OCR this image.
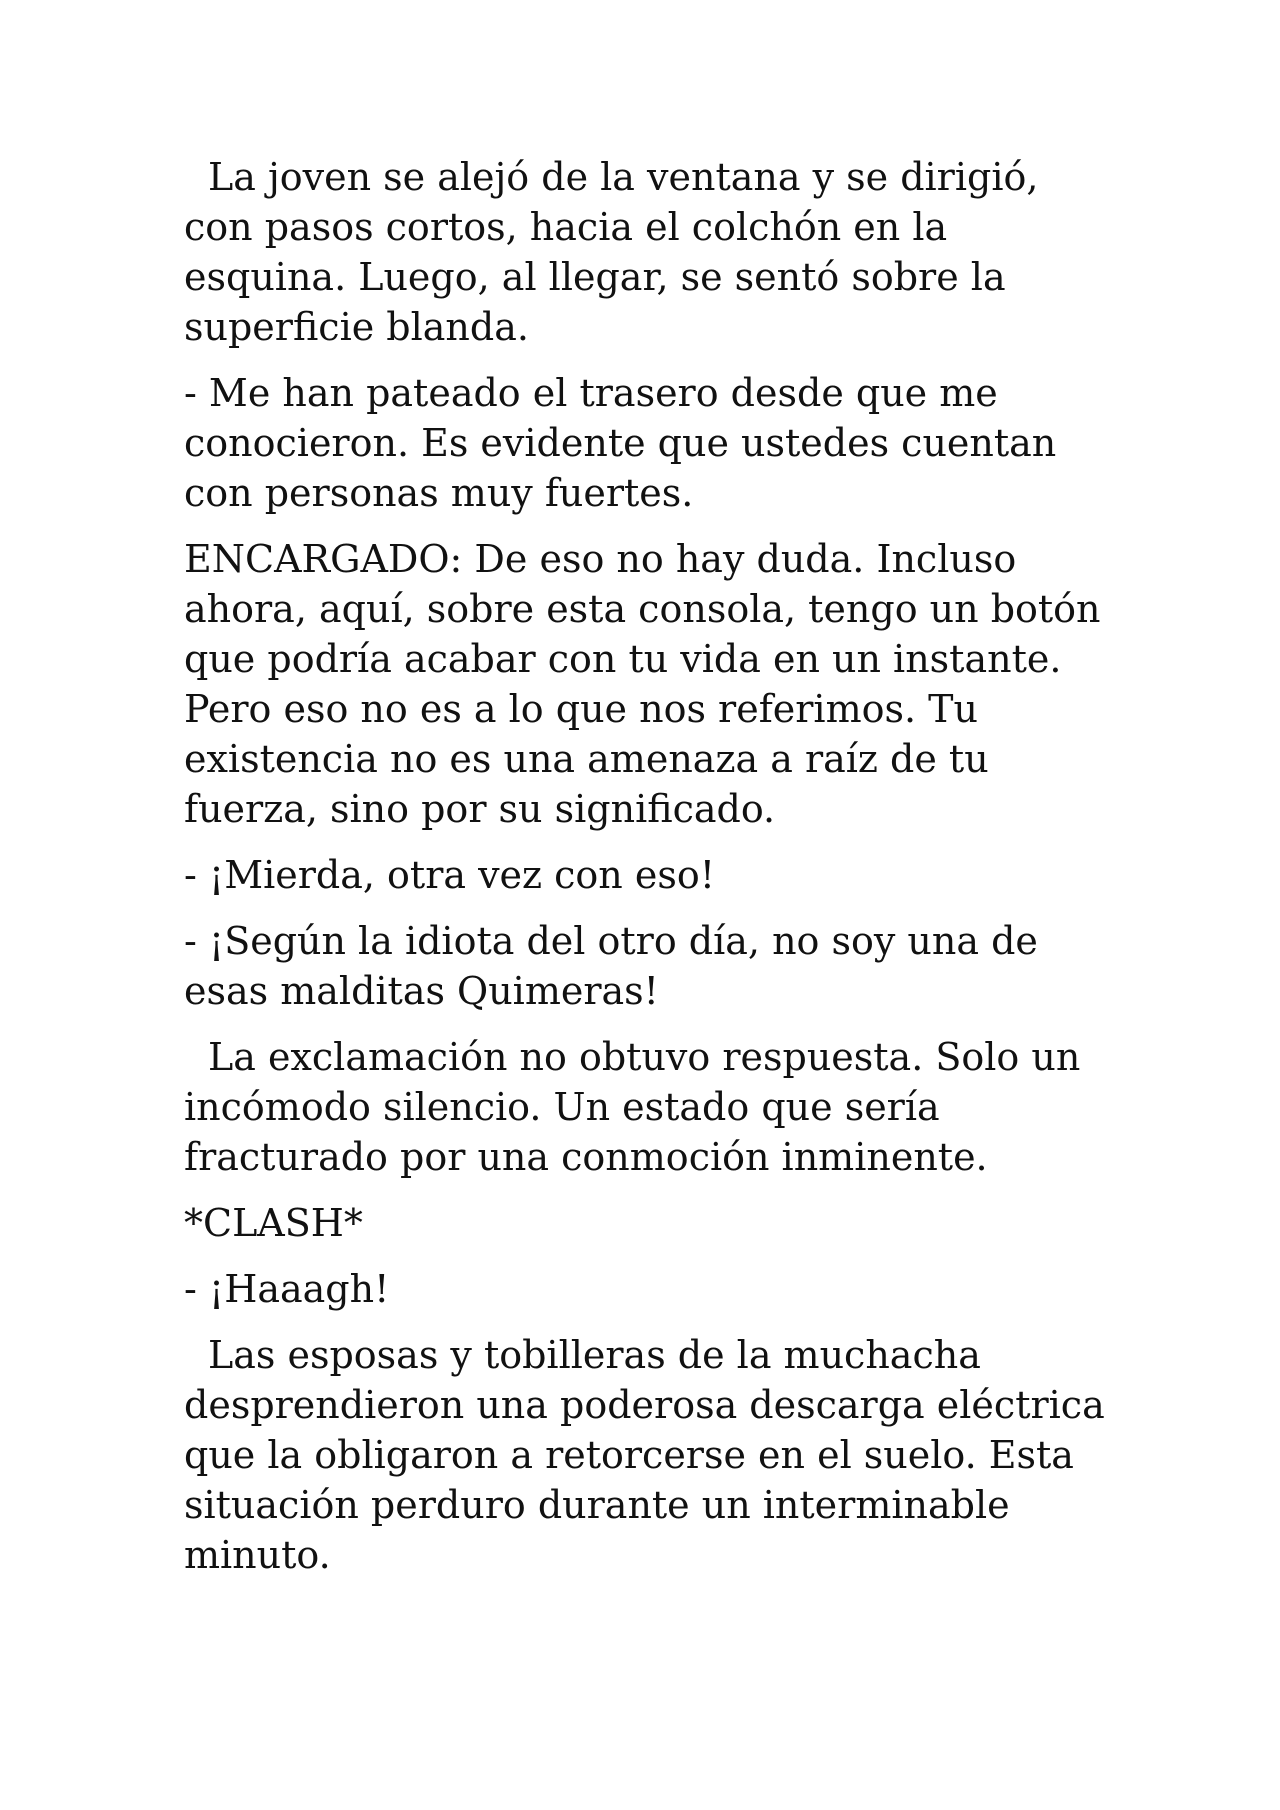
La joven se alejó de la ventana y se dirigió, con pasos cortos, hacia el colchón en la esquina. Luego, al llegar, se sentó sobre la superficie blanda.

- Me han pateado el trasero desde que me conocieron. Es evidente que ustedes cuentan con personas muy fuertes.

ENCARGADO: De eso no hay duda. Incluso ahora, aquí, sobre esta consola, tengo un botón que podría acabar con tu vida en un instante. Pero eso no es a lo que nos referimos. Tu existencia no es una amenaza a raíz de tu fuerza, sino por su significado.

- ¡Mierda, otra vez con eso!

- ¡Según la idiota del otro día, no soy una de esas malditas Quimeras!

La exclamación no obtuvo respuesta. Solo un incómodo silencio. Un estado que sería fracturado por una conmoción inminente.

*CLASH*

- ¡Haaagh!

Las esposas y tobilleras de la muchacha desprendieron una poderosa descarga eléctrica que la obligaron a retorcerse en el suelo. Esta situación perduro durante un interminable minuto.
